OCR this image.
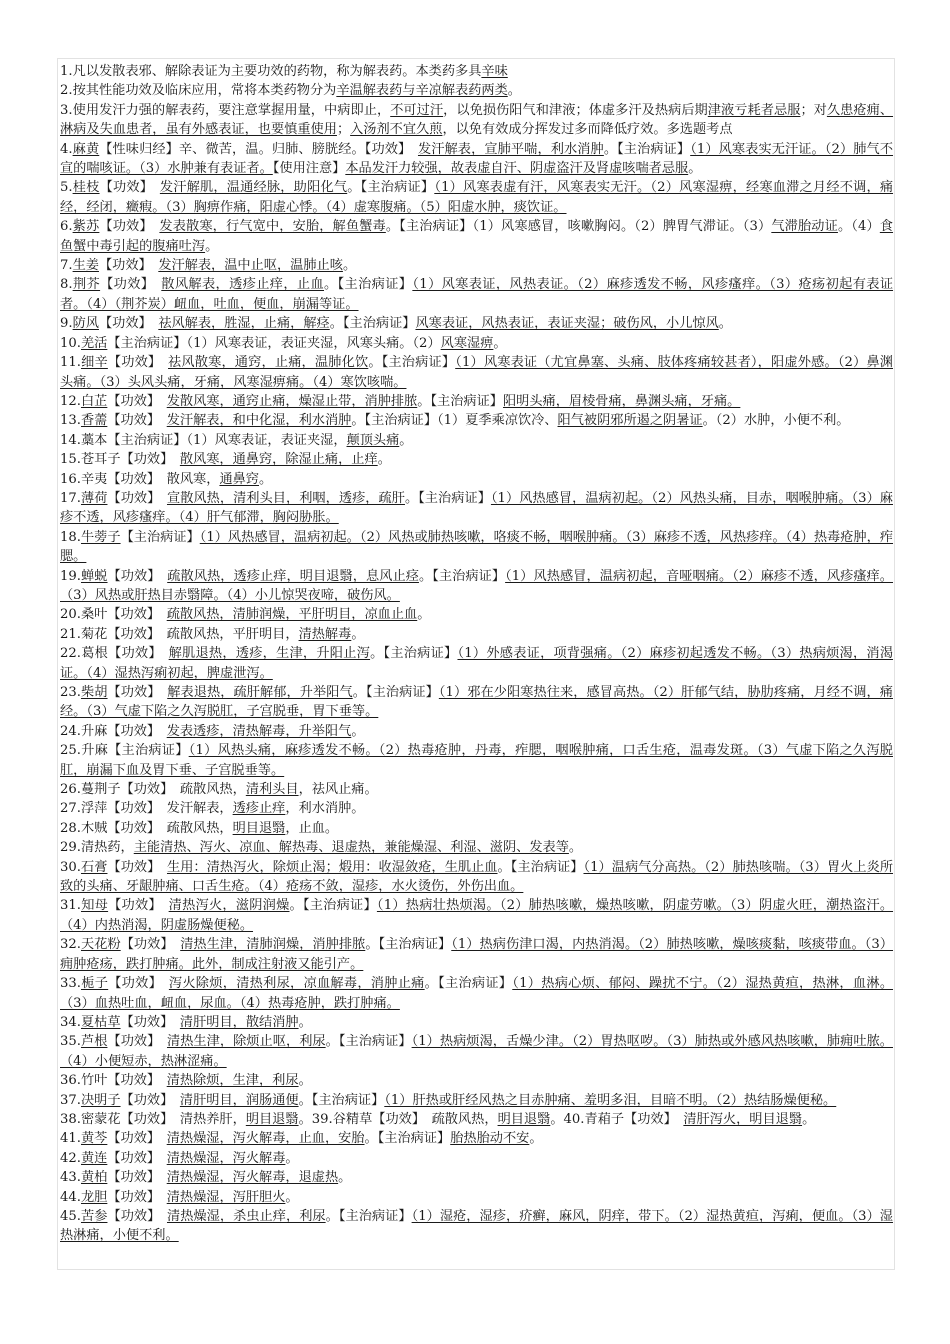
1.凡以发散表邪、解除表证为主要功效的药物，称为解表药。本类药多具辛味

2.按其性能功效及临床应用，常将本类药物分为辛温解表药与辛凉解表药两类。

3.使用发汗力强的解表药，要注意掌握用量，中病即止，不可过汗，以免损伤阳气和津液；体虚多汗及热病后期津液亏耗者忌服；对久患疮痈、淋病及失血患者，虽有外感表证，也要慎重使用；入汤剂不宜久煎，以免有效成分挥发过多而降低疗效。多选题考点

4.麻黄【性味归经】辛、微苦，温。归肺、膀胱经。【功效】　发汗解表，宣肺平喘，利水消肿。【主治病证】（1）风寒表实无汗证。（2）肺气不宣的喘咳证。（3）水肿兼有表证者。【使用注意】本品发汗力较强，故表虚自汗、阴虚盗汗及肾虚咳喘者忌服。

5.桂枝【功效】　发汗解肌，温通经脉，助阳化气。【主治病证】（1）风寒表虚有汗，风寒表实无汗。（2）风寒湿痹，经寒血滞之月经不调，痛经，经闭，癥瘕。（3）胸痹作痛，阳虚心悸。（4）虚寒腹痛。（5）阳虚水肿，痰饮证。

6.紫苏【功效】　发表散寒，行气宽中，安胎，解鱼蟹毒。【主治病证】（1）风寒感冒，咳嗽胸闷。（2）脾胃气滞证。（3）气滞胎动证。（4）食鱼蟹中毒引起的腹痛吐泻。

7.生姜【功效】　发汗解表，温中止呕，温肺止咳。

8.荆芥【功效】　散风解表，透疹止痒，止血。【主治病证】（1）风寒表证，风热表证。（2）麻疹透发不畅，风疹瘙痒。（3）疮疡初起有表证者。（4）（荆芥炭）衄血，吐血，便血，崩漏等证。

9.防风【功效】　祛风解表，胜湿，止痛，解痉。【主治病证】风寒表证，风热表证，表证夹湿；破伤风，小儿惊风。

10.羌活【主治病证】（1）风寒表证，表证夹湿，风寒头痛。（2）风寒湿痹。

11.细辛【功效】　祛风散寒，通窍，止痛，温肺化饮。【主治病证】（1）风寒表证（尤宜鼻塞、头痛、肢体疼痛较甚者），阳虚外感。（2）鼻渊头痛。（3）头风头痛，牙痛，风寒湿痹痛。（4）寒饮咳喘。

12.白芷【功效】　发散风寒，通窍止痛，燥湿止带，消肿排脓。【主治病证】阳明头痛，眉棱骨痛，鼻渊头痛，牙痛。

13.香薷【功效】　发汗解表，和中化湿，利水消肿。【主治病证】（1）夏季乘凉饮冷、阳气被阴邪所遏之阴暑证。（2）水肿，小便不利。

14.藁本【主治病证】（1）风寒表证，表证夹湿，颠顶头痛。

15.苍耳子【功效】　散风寒，通鼻窍，除湿止痛，止痒。

16.辛夷【功效】　散风寒，通鼻窍。

17.薄荷【功效】　宣散风热，清利头目，利咽，透疹，疏肝。【主治病证】（1）风热感冒，温病初起。（2）风热头痛，目赤，咽喉肿痛。（3）麻疹不透，风疹瘙痒。（4）肝气郁滞，胸闷胁胀。

18.牛蒡子【主治病证】（1）风热感冒，温病初起。（2）风热或肺热咳嗽，咯痰不畅，咽喉肿痛。（3）麻疹不透，风热疹痒。（4）热毒疮肿，痄腮。

19.蝉蜕【功效】　疏散风热，透疹止痒，明目退翳，息风止痉。【主治病证】（1）风热感冒，温病初起，音哑咽痛。（2）麻疹不透，风疹瘙痒。（3）风热或肝热目赤翳障。（4）小儿惊哭夜啼，破伤风。

20.桑叶【功效】　疏散风热，清肺润燥，平肝明目，凉血止血。

21.菊花【功效】　疏散风热，平肝明目，清热解毒。

22.葛根【功效】　解肌退热，透疹，生津，升阳止泻。【主治病证】（1）外感表证，项背强痛。（2）麻疹初起透发不畅。（3）热病烦渴，消渴证。（4）湿热泻痢初起，脾虚泄泻。

23.柴胡【功效】　解表退热，疏肝解郁，升举阳气。【主治病证】（1）邪在少阳寒热往来，感冒高热。（2）肝郁气结，胁肋疼痛，月经不调，痛经。（3）气虚下陷之久泻脱肛，子宫脱垂，胃下垂等。

24.升麻【功效】　发表透疹，清热解毒，升举阳气。

25.升麻【主治病证】（1）风热头痛，麻疹透发不畅。（2）热毒疮肿，丹毒，痄腮，咽喉肿痛，口舌生疮，温毒发斑。（3）气虚下陷之久泻脱肛，崩漏下血及胃下垂、子宫脱垂等。

26.蔓荆子【功效】　疏散风热，清利头目，祛风止痛。

27.浮萍【功效】　发汗解表，透疹止痒，利水消肿。

28.木贼【功效】　疏散风热，明目退翳，止血。

29.清热药，主能清热、泻火、凉血、解热毒、退虚热，兼能燥湿、利湿、滋阴、发表等。

30.石膏【功效】　生用：清热泻火，除烦止渴；煅用：收湿敛疮，生肌止血。【主治病证】（1）温病气分高热。（2）肺热咳喘。（3）胃火上炎所致的头痛、牙龈肿痛、口舌生疮。（4）疮疡不敛，湿疹，水火烫伤，外伤出血。

31.知母【功效】　清热泻火，滋阴润燥。【主治病证】（1）热病壮热烦渴。（2）肺热咳嗽，燥热咳嗽，阴虚劳嗽。（3）阴虚火旺，潮热盗汗。（4）内热消渴，阴虚肠燥便秘。

32.天花粉【功效】　清热生津，清肺润燥，消肿排脓。【主治病证】（1）热病伤津口渴，内热消渴。（2）肺热咳嗽，燥咳痰黏，咳痰带血。（3）痈肿疮疡，跌打肿痛。此外，制成注射液又能引产。

33.栀子【功效】　泻火除烦，清热利尿，凉血解毒，消肿止痛。【主治病证】（1）热病心烦、郁闷、躁扰不宁。（2）湿热黄疸，热淋，血淋。（3）血热吐血，衄血，尿血。（4）热毒疮肿，跌打肿痛。

34.夏枯草【功效】　清肝明目，散结消肿。

35.芦根【功效】　清热生津，除烦止呕，利尿。【主治病证】（1）热病烦渴，舌燥少津。（2）胃热呕哕。（3）肺热或外感风热咳嗽，肺痈吐脓。（4）小便短赤，热淋涩痛。

36.竹叶【功效】　清热除烦，生津，利尿。

37.决明子【功效】　清肝明目，润肠通便。【主治病证】（1）肝热或肝经风热之目赤肿痛、羞明多泪，目暗不明。（2）热结肠燥便秘。

38.密蒙花【功效】　清热养肝，明目退翳。39.谷精草【功效】　疏散风热，明目退翳。40.青葙子【功效】　清肝泻火，明目退翳。

41.黄芩【功效】　清热燥湿，泻火解毒，止血，安胎。【主治病证】胎热胎动不安。

42.黄连【功效】　清热燥湿，泻火解毒。

43.黄柏【功效】　清热燥湿，泻火解毒，退虚热。

44.龙胆【功效】　清热燥湿，泻肝胆火。

45.苦参【功效】　清热燥湿，杀虫止痒，利尿。【主治病证】（1）湿疮，湿疹，疥癣，麻风，阴痒，带下。（2）湿热黄疸，泻痢，便血。（3）湿热淋痛，小便不利。
